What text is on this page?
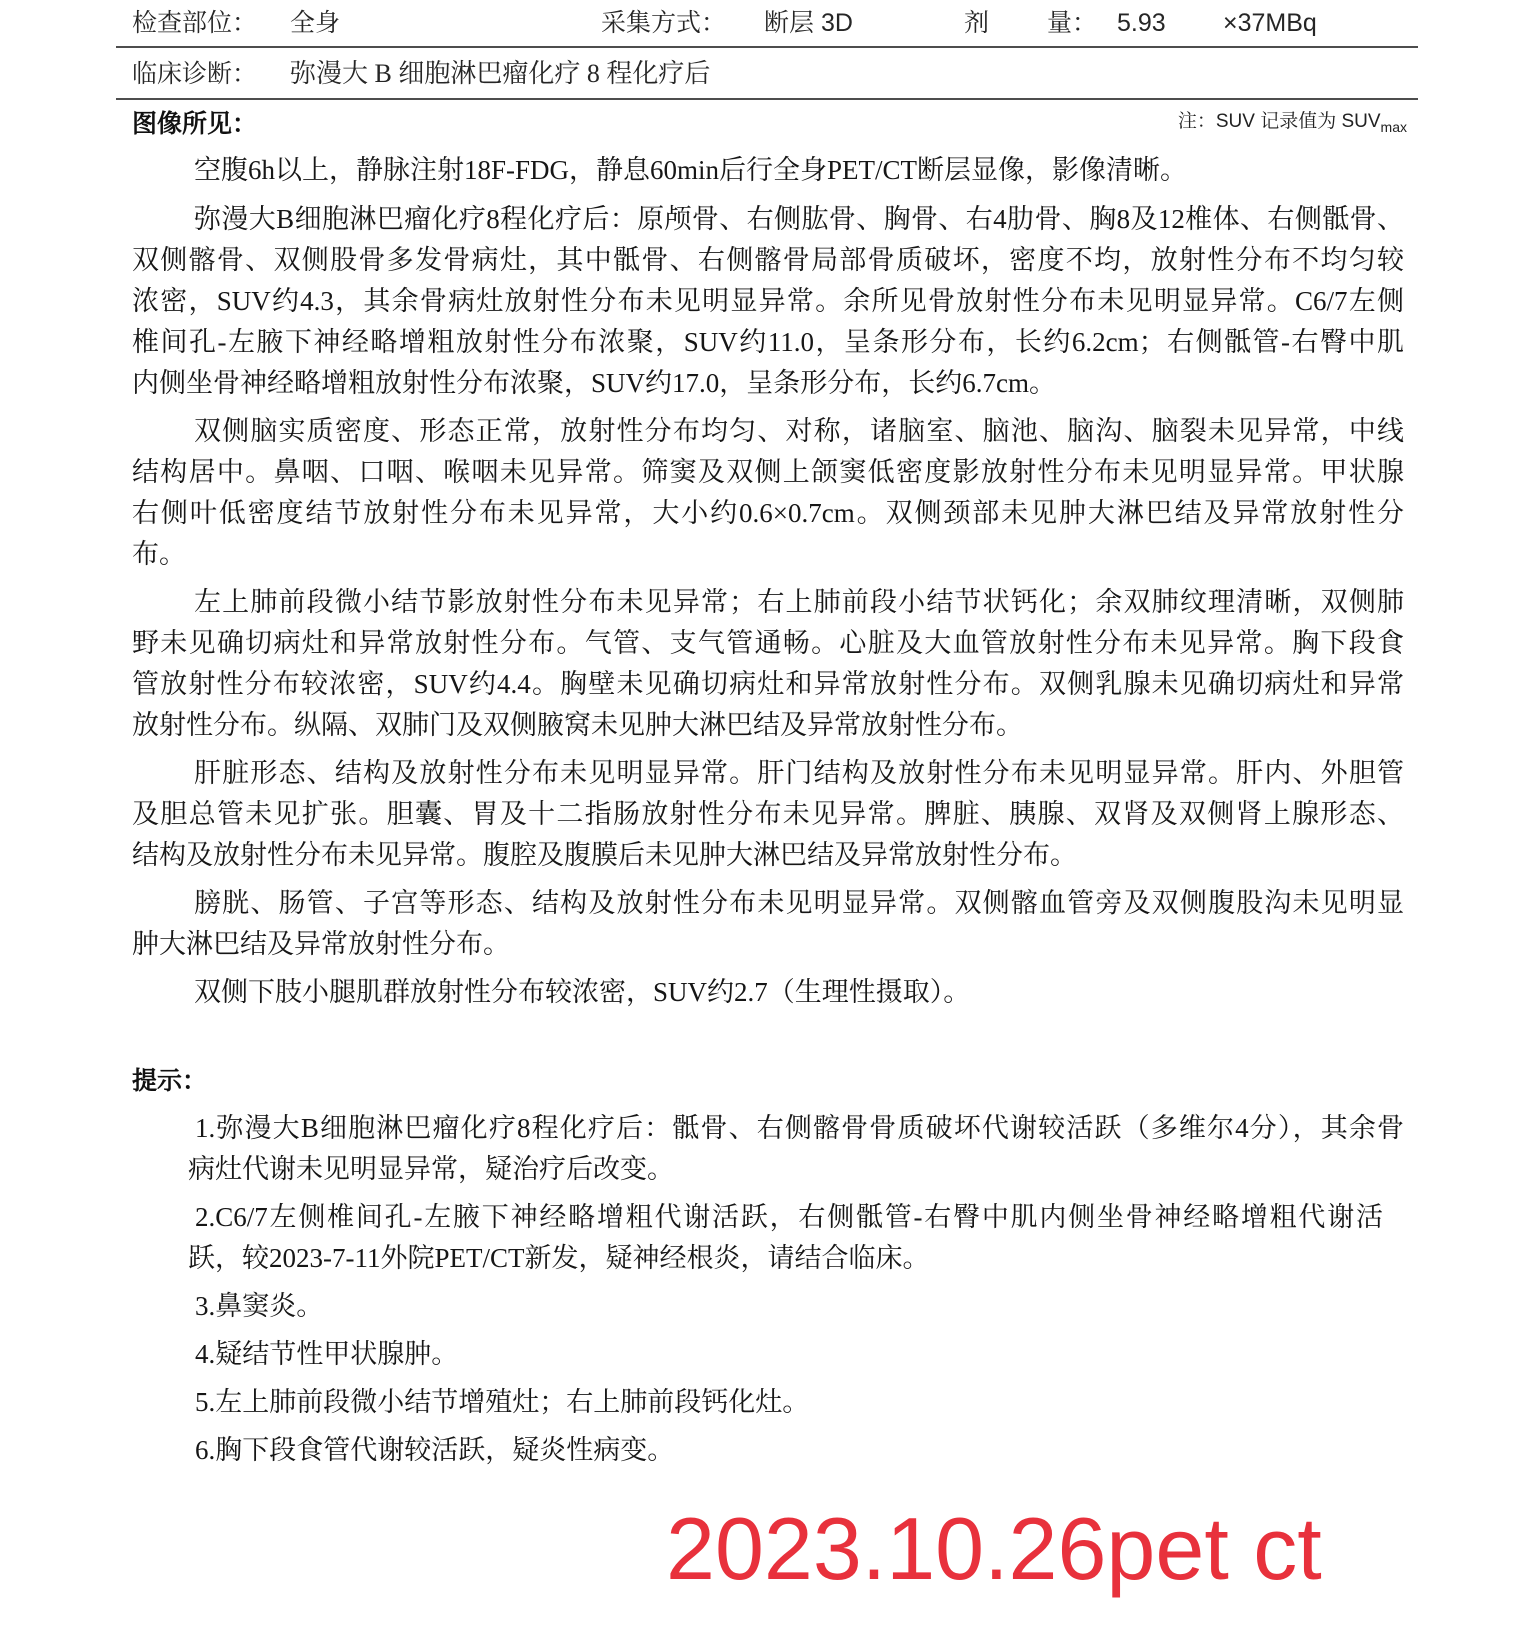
检查部位： 全身	采集方式： 断层 3D	剂 量： 5.93 ×37MBq
临床诊断： 弥漫大 B 细胞淋巴瘤化疗 8 程化疗后
图像所见：	注：SUV 记录值为 $SUV_{max}$
空腹6h以上，静脉注射18F-FDG，静息60min后行全身PET/CT断层显像，影像清晰。
弥漫大B细胞淋巴瘤化疗8程化疗后：原颅骨、右侧肱骨、胸骨、右4肋骨、胸8及12椎体、右侧骶骨、
双侧髂骨、双侧股骨多发骨病灶，其中骶骨、右侧髂骨局部骨质破坏，密度不均，放射性分布不均匀较
浓密，SUV约4.3，其余骨病灶放射性分布未见明显异常。余所见骨放射性分布未见明显异常。C6/7左侧
椎间孔-左腋下神经略增粗放射性分布浓聚，SUV约11.0，呈条形分布，长约6.2cm；右侧骶管-右臀中肌
内侧坐骨神经略增粗放射性分布浓聚，SUV约17.0，呈条形分布，长约6.7cm。
双侧脑实质密度、形态正常，放射性分布均匀、对称，诸脑室、脑池、脑沟、脑裂未见异常，中线
结构居中。鼻咽、口咽、喉咽未见异常。筛窦及双侧上颌窦低密度影放射性分布未见明显异常。甲状腺
右侧叶低密度结节放射性分布未见异常，大小约0.6×0.7cm。双侧颈部未见肿大淋巴结及异常放射性分
布。
左上肺前段微小结节影放射性分布未见异常；右上肺前段小结节状钙化；余双肺纹理清晰，双侧肺
野未见确切病灶和异常放射性分布。气管、支气管通畅。心脏及大血管放射性分布未见异常。胸下段食
管放射性分布较浓密，SUV约4.4。胸壁未见确切病灶和异常放射性分布。双侧乳腺未见确切病灶和异常
放射性分布。纵隔、双肺门及双侧腋窝未见肿大淋巴结及异常放射性分布。
肝脏形态、结构及放射性分布未见明显异常。肝门结构及放射性分布未见明显异常。肝内、外胆管
及胆总管未见扩张。胆囊、胃及十二指肠放射性分布未见异常。脾脏、胰腺、双肾及双侧肾上腺形态、
结构及放射性分布未见异常。腹腔及腹膜后未见肿大淋巴结及异常放射性分布。
膀胱、肠管、子宫等形态、结构及放射性分布未见明显异常。双侧髂血管旁及双侧腹股沟未见明显
肿大淋巴结及异常放射性分布。
双侧下肢小腿肌群放射性分布较浓密，SUV约2.7（生理性摄取）。
提示：
1.弥漫大B细胞淋巴瘤化疗8程化疗后：骶骨、右侧髂骨骨质破坏代谢较活跃（多维尔4分），其余骨
病灶代谢未见明显异常，疑治疗后改变。
2.C6/7左侧椎间孔-左腋下神经略增粗代谢活跃，右侧骶管-右臀中肌内侧坐骨神经略增粗代谢活
跃，较2023-7-11外院PET/CT新发，疑神经根炎，请结合临床。
3.鼻窦炎。
4.疑结节性甲状腺肿。
5.左上肺前段微小结节增殖灶；右上肺前段钙化灶。
6.胸下段食管代谢较活跃，疑炎性病变。
2023.10.26pet ct
